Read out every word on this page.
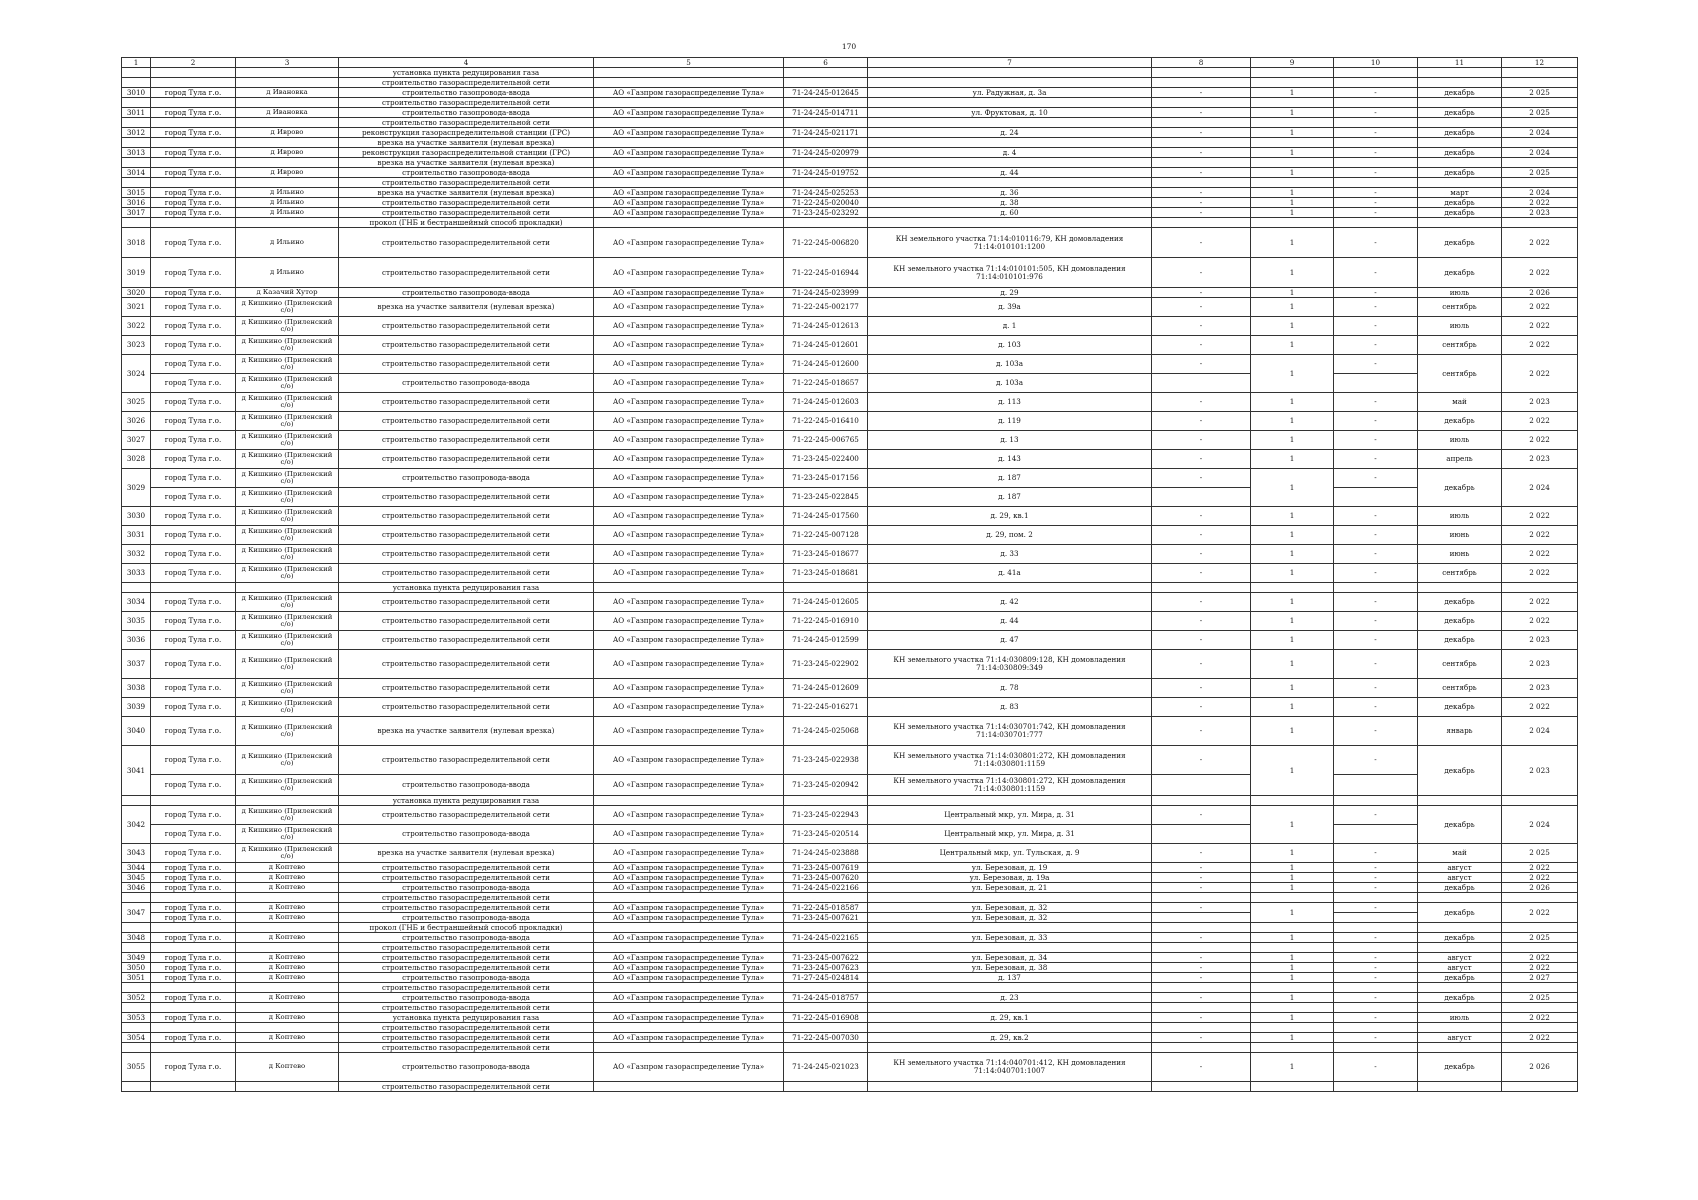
170
1	2	3	4	5	6	7	8	9	10	11	12
			установка пункта редуцирования газа								
			строительство газораспределительной сети								
3010	город Тула г.о.	д Ивановка	строительство газопровода-ввода	АО «Газпром газораспределение Тула»	71-24-245-012645	ул. Радужная, д. 3а	-	1	-	декабрь	2 025
			строительство газораспределительной сети								
3011	город Тула г.о.	д Ивановка	строительство газопровода-ввода	АО «Газпром газораспределение Тула»	71-24-245-014711	ул. Фруктовая, д. 10	-	1	-	декабрь	2 025
			строительство газораспределительной сети								
3012	город Тула г.о.	д Иврово	реконструкция газораспределительной станции (ГРС)	АО «Газпром газораспределение Тула»	71-24-245-021171	д. 24	-	1	-	декабрь	2 024
			врезка на участке заявителя (нулевая врезка)								
3013	город Тула г.о.	д Иврово	реконструкция газораспределительной станции (ГРС)	АО «Газпром газораспределение Тула»	71-24-245-020979	д. 4	-	1	-	декабрь	2 024
			врезка на участке заявителя (нулевая врезка)								
3014	город Тула г.о.	д Иврово	строительство газопровода-ввода	АО «Газпром газораспределение Тула»	71-24-245-019752	д. 44	-	1	-	декабрь	2 025
			строительство газораспределительной сети								
3015	город Тула г.о.	д Ильино	врезка на участке заявителя (нулевая врезка)	АО «Газпром газораспределение Тула»	71-24-245-025253	д. 36	-	1	-	март	2 024
3016	город Тула г.о.	д Ильино	строительство газораспределительной сети	АО «Газпром газораспределение Тула»	71-22-245-020040	д. 38	-	1	-	декабрь	2 022
3017	город Тула г.о.	д Ильино	строительство газораспределительной сети	АО «Газпром газораспределение Тула»	71-23-245-023292	д. 60	-	1	-	декабрь	2 023
			прокол (ГНБ и бестраншейный способ прокладки)								
3018	город Тула г.о.	д Ильино	строительство газораспределительной сети	АО «Газпром газораспределение Тула»	71-22-245-006820	КН земельного участка 71:14:010116:79, КН домовладения 71:14:010101:1200	-	1	-	декабрь	2 022
3019	город Тула г.о.	д Ильино	строительство газораспределительной сети	АО «Газпром газораспределение Тула»	71-22-245-016944	КН земельного участка 71:14:010101:505, КН домовладения 71:14:010101:976	-	1	-	декабрь	2 022
3020	город Тула г.о.	д Казачий Хутор	строительство газопровода-ввода	АО «Газпром газораспределение Тула»	71-24-245-023999	д. 29	-	1	-	июль	2 026
3021	город Тула г.о.	д Кишкино (Приленский с/о)	врезка на участке заявителя (нулевая врезка)	АО «Газпром газораспределение Тула»	71-22-245-002177	д. 39а	-	1	-	сентябрь	2 022
3022	город Тула г.о.	д Кишкино (Приленский с/о)	строительство газораспределительной сети	АО «Газпром газораспределение Тула»	71-24-245-012613	д. 1	-	1	-	июль	2 022
3023	город Тула г.о.	д Кишкино (Приленский с/о)	строительство газораспределительной сети	АО «Газпром газораспределение Тула»	71-24-245-012601	д. 103	-	1	-	сентябрь	2 022
3024	город Тула г.о.	д Кишкино (Приленский с/о)	строительство газораспределительной сети	АО «Газпром газораспределение Тула»	71-24-245-012600	д. 103а	-	1	-	сентябрь	2 022
	город Тула г.о.	д Кишкино (Приленский с/о)	строительство газопровода-ввода	АО «Газпром газораспределение Тула»	71-22-245-018657	д. 103а					
3025	город Тула г.о.	д Кишкино (Приленский с/о)	строительство газораспределительной сети	АО «Газпром газораспределение Тула»	71-24-245-012603	д. 113	-	1	-	май	2 023
3026	город Тула г.о.	д Кишкино (Приленский с/о)	строительство газораспределительной сети	АО «Газпром газораспределение Тула»	71-22-245-016410	д. 119	-	1	-	декабрь	2 022
3027	город Тула г.о.	д Кишкино (Приленский с/о)	строительство газораспределительной сети	АО «Газпром газораспределение Тула»	71-22-245-006765	д. 13	-	1	-	июль	2 022
3028	город Тула г.о.	д Кишкино (Приленский с/о)	строительство газораспределительной сети	АО «Газпром газораспределение Тула»	71-23-245-022400	д. 143	-	1	-	апрель	2 023
3029	город Тула г.о.	д Кишкино (Приленский с/о)	строительство газопровода-ввода	АО «Газпром газораспределение Тула»	71-23-245-017156	д. 187	-	1	-	декабрь	2 024
	город Тула г.о.	д Кишкино (Приленский с/о)	строительство газораспределительной сети	АО «Газпром газораспределение Тула»	71-23-245-022845	д. 187					
3030	город Тула г.о.	д Кишкино (Приленский с/о)	строительство газораспределительной сети	АО «Газпром газораспределение Тула»	71-24-245-017560	д. 29, кв.1	-	1	-	июль	2 022
3031	город Тула г.о.	д Кишкино (Приленский с/о)	строительство газораспределительной сети	АО «Газпром газораспределение Тула»	71-22-245-007128	д. 29, пом. 2	-	1	-	июнь	2 022
3032	город Тула г.о.	д Кишкино (Приленский с/о)	строительство газораспределительной сети	АО «Газпром газораспределение Тула»	71-23-245-018677	д. 33	-	1	-	июнь	2 022
3033	город Тула г.о.	д Кишкино (Приленский с/о)	строительство газораспределительной сети	АО «Газпром газораспределение Тула»	71-23-245-018681	д. 41а	-	1	-	сентябрь	2 022
			установка пункта редуцирования газа								
3034	город Тула г.о.	д Кишкино (Приленский с/о)	строительство газораспределительной сети	АО «Газпром газораспределение Тула»	71-24-245-012605	д. 42	-	1	-	декабрь	2 022
3035	город Тула г.о.	д Кишкино (Приленский с/о)	строительство газораспределительной сети	АО «Газпром газораспределение Тула»	71-22-245-016910	д. 44	-	1	-	декабрь	2 022
3036	город Тула г.о.	д Кишкино (Приленский с/о)	строительство газораспределительной сети	АО «Газпром газораспределение Тула»	71-24-245-012599	д. 47	-	1	-	декабрь	2 023
3037	город Тула г.о.	д Кишкино (Приленский с/о)	строительство газораспределительной сети	АО «Газпром газораспределение Тула»	71-23-245-022902	КН земельного участка 71:14:030809:128, КН домовладения 71:14:030809:349	-	1	-	сентябрь	2 023
3038	город Тула г.о.	д Кишкино (Приленский с/о)	строительство газораспределительной сети	АО «Газпром газораспределение Тула»	71-24-245-012609	д. 78	-	1	-	сентябрь	2 023
3039	город Тула г.о.	д Кишкино (Приленский с/о)	строительство газораспределительной сети	АО «Газпром газораспределение Тула»	71-22-245-016271	д. 83	-	1	-	декабрь	2 022
3040	город Тула г.о.	д Кишкино (Приленский с/о)	врезка на участке заявителя (нулевая врезка)	АО «Газпром газораспределение Тула»	71-24-245-025068	КН земельного участка 71:14:030701:742, КН домовладения 71:14:030701:777	-	1	-	январь	2 024
3041	город Тула г.о.	д Кишкино (Приленский с/о)	строительство газораспределительной сети	АО «Газпром газораспределение Тула»	71-23-245-022938	КН земельного участка 71:14:030801:272, КН домовладения 71:14:030801:1159	-	1	-	декабрь	2 023
	город Тула г.о.	д Кишкино (Приленский с/о)	строительство газопровода-ввода	АО «Газпром газораспределение Тула»	71-23-245-020942	КН земельного участка 71:14:030801:272, КН домовладения 71:14:030801:1159					
			установка пункта редуцирования газа								
3042	город Тула г.о.	д Кишкино (Приленский с/о)	строительство газораспределительной сети	АО «Газпром газораспределение Тула»	71-23-245-022943	Центральный мкр, ул. Мира, д. 31	-	1	-	декабрь	2 024
	город Тула г.о.	д Кишкино (Приленский с/о)	строительство газопровода-ввода	АО «Газпром газораспределение Тула»	71-23-245-020514	Центральный мкр, ул. Мира, д. 31					
3043	город Тула г.о.	д Кишкино (Приленский с/о)	врезка на участке заявителя (нулевая врезка)	АО «Газпром газораспределение Тула»	71-24-245-023888	Центральный мкр, ул. Тульская, д. 9	-	1	-	май	2 025
3044	город Тула г.о.	д Коптево	строительство газораспределительной сети	АО «Газпром газораспределение Тула»	71-23-245-007619	ул. Березовая, д. 19	-	1	-	август	2 022
3045	город Тула г.о.	д Коптево	строительство газораспределительной сети	АО «Газпром газораспределение Тула»	71-23-245-007620	ул. Березовая, д. 19а	-	1	-	август	2 022
3046	город Тула г.о.	д Коптево	строительство газопровода-ввода	АО «Газпром газораспределение Тула»	71-24-245-022166	ул. Березовая, д. 21	-	1	-	декабрь	2 026
			строительство газораспределительной сети								
3047	город Тула г.о.	д Коптево	строительство газораспределительной сети	АО «Газпром газораспределение Тула»	71-22-245-018587	ул. Березовая, д. 32	-	1	-	декабрь	2 022
	город Тула г.о.	д Коптево	строительство газопровода-ввода	АО «Газпром газораспределение Тула»	71-23-245-007621	ул. Березовая, д. 32					
			прокол (ГНБ и бестраншейный способ прокладки)								
3048	город Тула г.о.	д Коптево	строительство газопровода-ввода	АО «Газпром газораспределение Тула»	71-24-245-022165	ул. Березовая, д. 33	-	1	-	декабрь	2 025
			строительство газораспределительной сети								
3049	город Тула г.о.	д Коптево	строительство газораспределительной сети	АО «Газпром газораспределение Тула»	71-23-245-007622	ул. Березовая, д. 34	-	1	-	август	2 022
3050	город Тула г.о.	д Коптево	строительство газораспределительной сети	АО «Газпром газораспределение Тула»	71-23-245-007623	ул. Березовая, д. 38	-	1	-	август	2 022
3051	город Тула г.о.	д Коптево	строительство газопровода-ввода	АО «Газпром газораспределение Тула»	71-27-245-024814	д. 137	-	1	-	декабрь	2 027
			строительство газораспределительной сети								
3052	город Тула г.о.	д Коптево	строительство газопровода-ввода	АО «Газпром газораспределение Тула»	71-24-245-018757	д. 23	-	1	-	декабрь	2 025
			строительство газораспределительной сети								
3053	город Тула г.о.	д Коптево	установка пункта редуцирования газа	АО «Газпром газораспределение Тула»	71-22-245-016908	д. 29, кв.1	-	1	-	июль	2 022
			строительство газораспределительной сети								
3054	город Тула г.о.	д Коптево	строительство газораспределительной сети	АО «Газпром газораспределение Тула»	71-22-245-007030	д. 29, кв.2	-	1	-	август	2 022
			строительство газораспределительной сети								
3055	город Тула г.о.	д Коптево	строительство газопровода-ввода	АО «Газпром газораспределение Тула»	71-24-245-021023	КН земельного участка 71:14:040701:412, КН домовладения 71:14:040701:1007	-	1	-	декабрь	2 026
			строительство газораспределительной сети								
